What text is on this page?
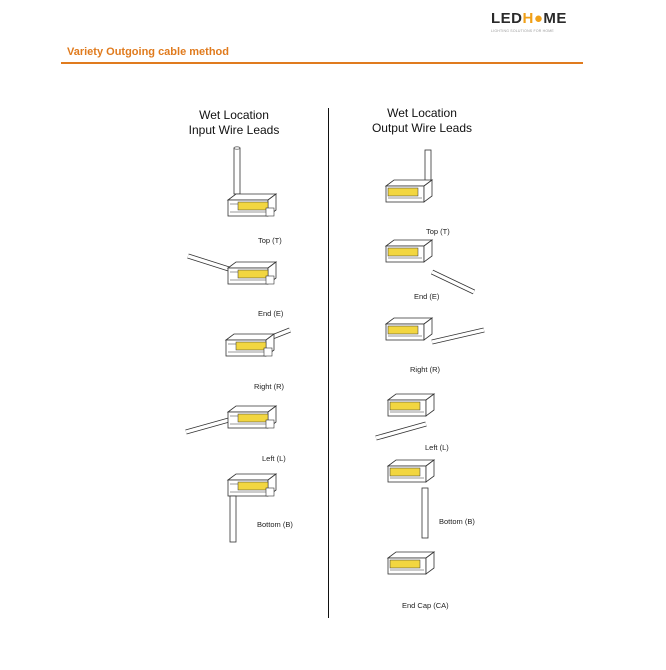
LEDH●ME
LIGHTING SOLUTIONS FOR HOME
Variety Outgoing cable method
Wet Location
Input Wire Leads
Wet Location
Output Wire Leads
Top (T)
End (E)
Right (R)
Left (L)
Bottom (B)
Top (T)
End (E)
Right (R)
Left (L)
Bottom (B)
End Cap (CA)
